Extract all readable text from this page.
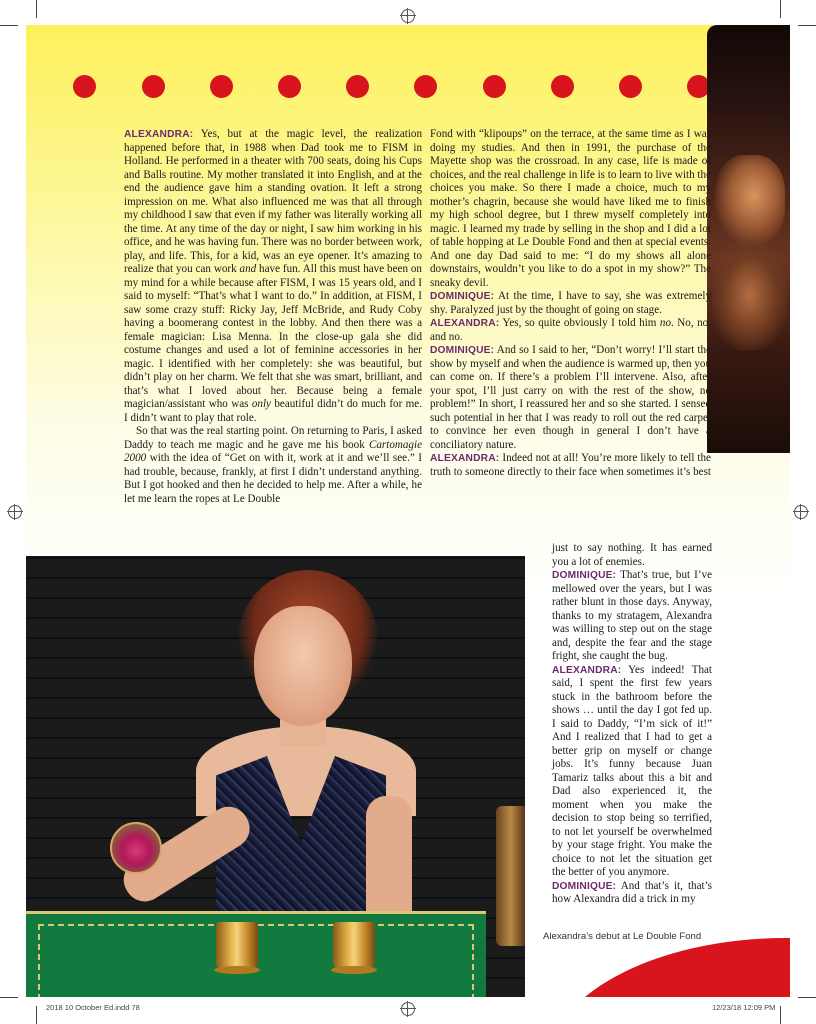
ALEXANDRA: Yes, but at the magic level, the realization happened before that, in 1988 when Dad took me to FISM in Holland. He performed in a theater with 700 seats, doing his Cups and Balls routine. My mother translated it into English, and at the end the audience gave him a standing ovation. It left a strong impression on me. What also influenced me was that all through my childhood I saw that even if my father was literally working all the time. At any time of the day or night, I saw him working in his office, and he was having fun. There was no border between work, play, and life. This, for a kid, was an eye opener. It’s amazing to realize that you can work and have fun. All this must have been on my mind for a while because after FISM, I was 15 years old, and I said to myself: “That’s what I want to do.” In addition, at FISM, I saw some crazy stuff: Ricky Jay, Jeff McBride, and Rudy Coby having a boomerang contest in the lobby. And then there was a female magician: Lisa Menna. In the close-up gala she did costume changes and used a lot of feminine accessories in her magic. I identified with her completely: she was beautiful, but didn’t play on her charm. We felt that she was smart, brilliant, and that’s what I loved about her. Because being a female magician/assistant who was only beautiful didn’t do much for me. I didn’t want to play that role.

So that was the real starting point. On returning to Paris, I asked Daddy to teach me magic and he gave me his book Cartomagie 2000 with the idea of “Get on with it, work at it and we’ll see.” I had trouble, because, frankly, at first I didn’t understand anything. But I got hooked and then he decided to help me. After a while, he let me learn the ropes at Le Double

Fond with “klipoups” on the terrace, at the same time as I was doing my studies. And then in 1991, the purchase of the Mayette shop was the crossroad. In any case, life is made of choices, and the real challenge in life is to learn to live with the choices you make. So there I made a choice, much to my mother’s chagrin, because she would have liked me to finish my high school degree, but I threw myself completely into magic. I learned my trade by selling in the shop and I did a lot of table hopping at Le Double Fond and then at special events. And one day Dad said to me: “I do my shows all alone downstairs, wouldn’t you like to do a spot in my show?” The sneaky devil.

DOMINIQUE: At the time, I have to say, she was extremely shy. Paralyzed just by the thought of going on stage.

ALEXANDRA: Yes, so quite obviously I told him no. No, no, and no.

DOMINIQUE: And so I said to her, “Don’t worry! I’ll start the show by myself and when the audience is warmed up, then you can come on. If there’s a problem I’ll intervene. Also, after your spot, I’ll just carry on with the rest of the show, no problem!” In short, I reassured her and so she started. I sensed such potential in her that I was ready to roll out the red carpet to convince her even though in general I don’t have a conciliatory nature.

ALEXANDRA: Indeed not at all! You’re more likely to tell the truth to someone directly to their face when sometimes it’s best

just to say nothing. It has earned you a lot of enemies.

DOMINIQUE: That’s true, but I’ve mellowed over the years, but I was rather blunt in those days. Anyway, thanks to my stratagem, Alexandra was willing to step out on the stage and, despite the fear and the stage fright, she caught the bug.

ALEXANDRA: Yes indeed! That said, I spent the first few years stuck in the bathroom before the shows … until the day I got fed up. I said to Daddy, “I’m sick of it!” And I realized that I had to get a better grip on myself or change jobs. It’s funny because Juan Tamariz talks about this a bit and Dad also experienced it, the moment when you make the decision to stop being so terrified, to not let yourself be overwhelmed by your stage fright. You make the choice to not let the situation get the better of you anymore.

DOMINIQUE: And that’s it, that’s how Alexandra did a trick in my

Alexandra’s debut at Le Double Fond
2018 10 October Ed.indd 78	12/23/18 12:09 PM
